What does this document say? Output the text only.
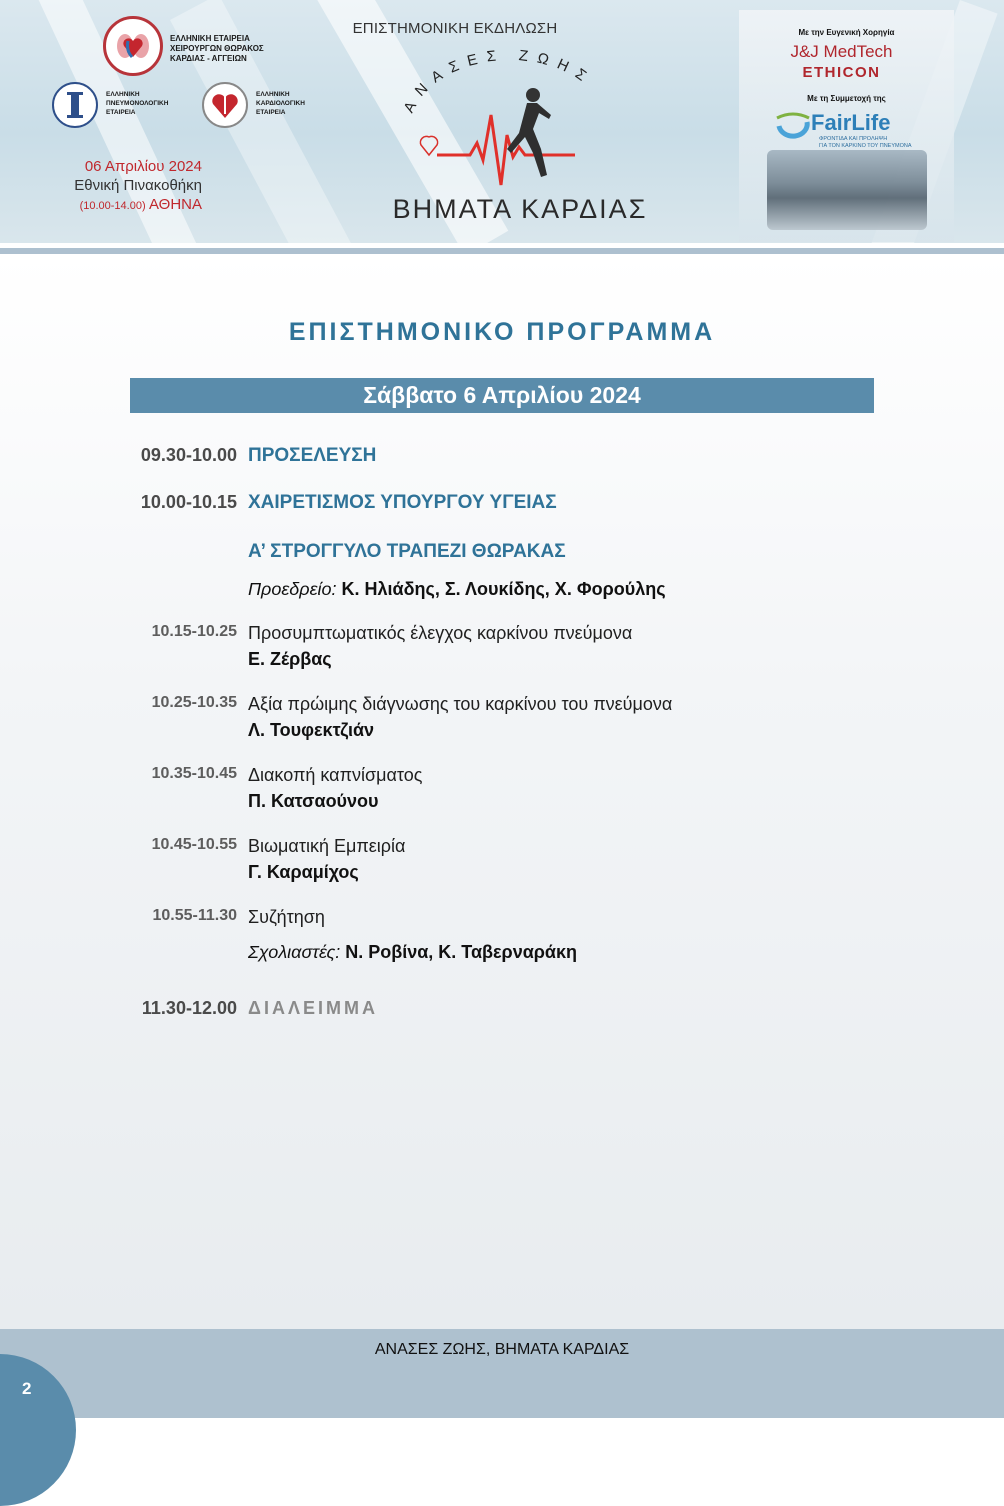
ΕΛΛΗΝΙΚΗ ΕΤΑΙΡΕΙΑ
ΧΕΙΡΟΥΡΓΩΝ ΘΩΡΑΚΟΣ
ΚΑΡΔΙΑΣ - ΑΓΓΕΙΩΝ
ΕΛΛΗΝΙΚΗ
ΠΝΕΥΜΟΝΟΛΟΓΙΚΗ
ΕΤΑΙΡΕΙΑ
ΕΛΛΗΝΙΚΗ
ΚΑΡΔΙΟΛΟΓΙΚΗ
ΕΤΑΙΡΕΙΑ
06 Απριλίου 2024
Εθνική Πινακοθήκη
(10.00-14.00) ΑΘΗΝΑ
ΕΠΙΣΤΗΜΟΝΙΚΗ ΕΚΔΗΛΩΣΗ
ΑΝΑΣΕΣ ΖΩΗΣ
ΒΗΜΑΤΑ ΚΑΡΔΙΑΣ
Με την Ευγενική Χορηγία
J&J MedTech
ETHICON
Με τη Συμμετοχή της
FairLife
ΦΡΟΝΤΙΔΑ ΚΑΙ ΠΡΟΛΗΨΗ
ΓΙΑ ΤΟΝ ΚΑΡΚΙΝΟ ΤΟΥ ΠΝΕΥΜΟΝΑ
ΕΠΙΣΤΗΜΟΝΙΚΟ ΠΡΟΓΡΑΜΜΑ
Σάββατο 6 Απριλίου 2024
09.30-10.00 ΠΡΟΣΕΛΕΥΣΗ
10.00-10.15 ΧΑΙΡΕΤΙΣΜΟΣ ΥΠΟΥΡΓΟΥ ΥΓΕΙΑΣ
Α’ ΣΤΡΟΓΓΥΛΟ ΤΡΑΠΕΖΙ ΘΩΡΑΚΑΣ
Προεδρείο: Κ. Ηλιάδης, Σ. Λουκίδης, Χ. Φορούλης
10.15-10.25 Προσυμπτωματικός έλεγχος καρκίνου πνεύμονα
Ε. Ζέρβας
10.25-10.35 Αξία πρώιμης διάγνωσης του καρκίνου του πνεύμονα
Λ. Τουφεκτζιάν
10.35-10.45 Διακοπή καπνίσματος
Π. Κατσαούνου
10.45-10.55 Βιωματική Εμπειρία
Γ. Καραμίχος
10.55-11.30 Συζήτηση
Σχολιαστές: Ν. Ροβίνα, Κ. Ταβερναράκη
11.30-12.00 ΔΙΑΛΕΙΜΜΑ
ΑΝΑΣΕΣ ΖΩΗΣ, ΒΗΜΑΤΑ ΚΑΡΔΙΑΣ
2
